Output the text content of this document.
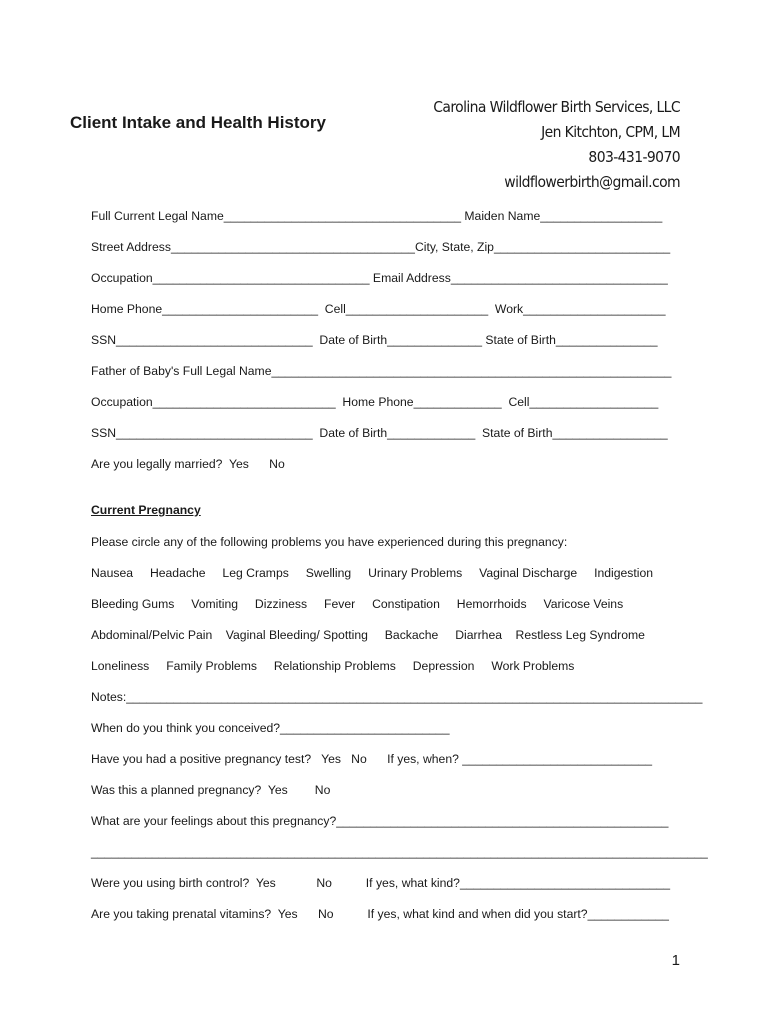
Client Intake and Health History
Carolina Wildflower Birth Services, LLC
Jen Kitchton, CPM, LM
803-431-9070
wildflowerbirth@gmail.com
Full Current Legal Name___________________________________ Maiden Name__________________
Street Address____________________________________City, State, Zip__________________________
Occupation________________________________ Email Address________________________________
Home Phone_______________________  Cell_____________________  Work_____________________
SSN_____________________________  Date of Birth______________ State of Birth_______________
Father of Baby's Full Legal Name___________________________________________________________
Occupation___________________________  Home Phone_____________  Cell___________________
SSN_____________________________  Date of Birth_____________  State of Birth_________________
Are you legally married?  Yes      No
Current Pregnancy
Please circle any of the following problems you have experienced during this pregnancy:
Nausea     Headache     Leg Cramps     Swelling     Urinary Problems     Vaginal Discharge     Indigestion
Bleeding Gums     Vomiting     Dizziness     Fever     Constipation     Hemorrhoids     Varicose Veins
Abdominal/Pelvic Pain    Vaginal Bleeding/ Spotting     Backache     Diarrhea    Restless Leg Syndrome
Loneliness     Family Problems     Relationship Problems     Depression     Work Problems
Notes:_____________________________________________________________________________________
When do you think you conceived?_________________________
Have you had a positive pregnancy test?   Yes   No      If yes, when? ____________________________
Was this a planned pregnancy?  Yes        No
What are your feelings about this pregnancy?_________________________________________________
___________________________________________________________________________________________
Were you using birth control?  Yes            No          If yes, what kind?_______________________________
Are you taking prenatal vitamins?  Yes      No          If yes, what kind and when did you start?____________
1
